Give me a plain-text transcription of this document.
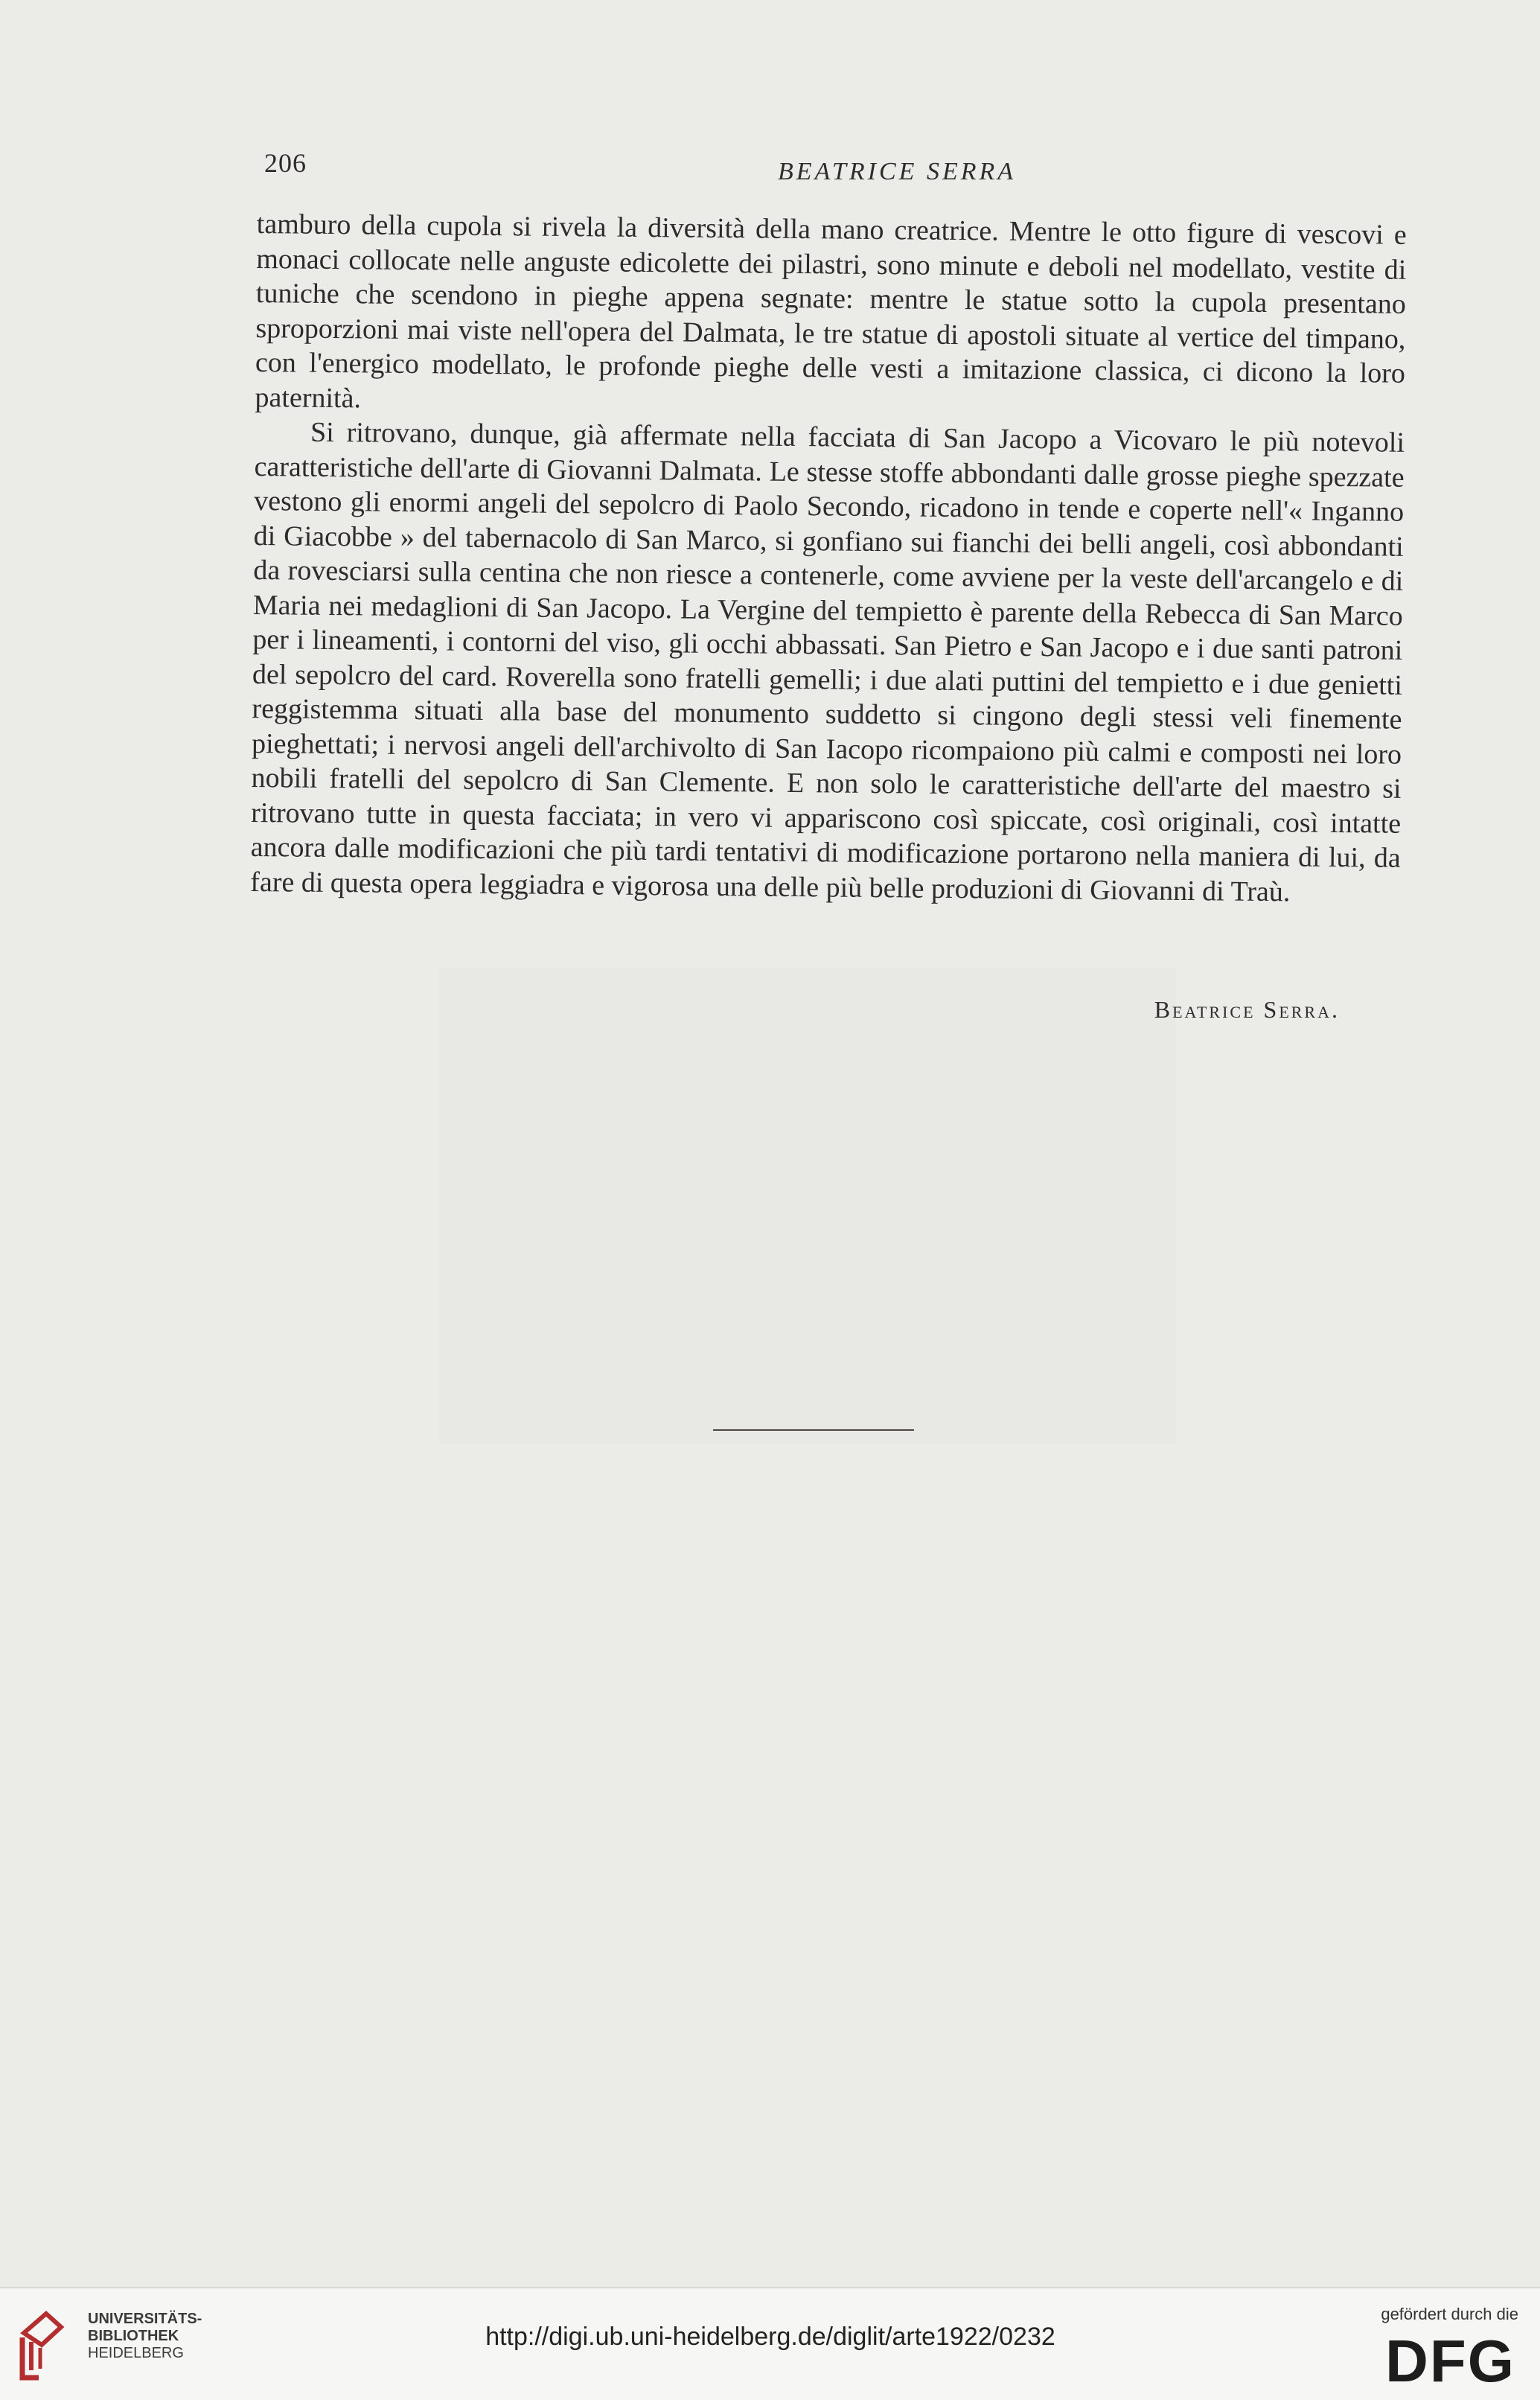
206	BEATRICE SERRA

tamburo della cupola si rivela la diversità della mano creatrice. Mentre le otto figure di vescovi e monaci collocate nelle anguste edicolette dei pilastri, sono minute e deboli nel modellato, vestite di tuniche che scendono in pieghe appena segnate: mentre le statue sotto la cupola presentano sproporzioni mai viste nell'opera del Dalmata, le tre statue di apostoli situate al vertice del timpano, con l'energico modellato, le profonde pieghe delle vesti a imitazione classica, ci dicono la loro paternità.

Si ritrovano, dunque, già affermate nella facciata di San Jacopo a Vicovaro le più notevoli caratteristiche dell'arte di Giovanni Dalmata. Le stesse stoffe abbondanti dalle grosse pieghe spezzate vestono gli enormi angeli del sepolcro di Paolo Secondo, ricadono in tende e coperte nell'« Inganno di Giacobbe » del tabernacolo di San Marco, si gonfiano sui fianchi dei belli angeli, così abbondanti da rovesciarsi sulla centina che non riesce a contenerle, come avviene per la veste dell'arcangelo e di Maria nei medaglioni di San Jacopo. La Vergine del tempietto è parente della Rebecca di San Marco per i lineamenti, i contorni del viso, gli occhi abbassati. San Pietro e San Jacopo e i due santi patroni del sepolcro del card. Roverella sono fratelli gemelli; i due alati puttini del tempietto e i due genietti reggistemma situati alla base del monumento suddetto si cingono degli stessi veli finemente pieghettati; i nervosi angeli dell'archivolto di San Iacopo ricompaiono più calmi e composti nei loro nobili fratelli del sepolcro di San Clemente. E non solo le caratteristiche dell'arte del maestro si ritrovano tutte in questa facciata; in vero vi appariscono così spiccate, così originali, così intatte ancora dalle modificazioni che più tardi tentativi di modificazione portarono nella maniera di lui, da fare di questa opera leggiadra e vigorosa una delle più belle produzioni di Giovanni di Traù.

Beatrice Serra.
UNIVERSITÄTS-
BIBLIOTHEK
HEIDELBERG
http://digi.ub.uni-heidelberg.de/diglit/arte1922/0232
gefördert durch die
DFG
